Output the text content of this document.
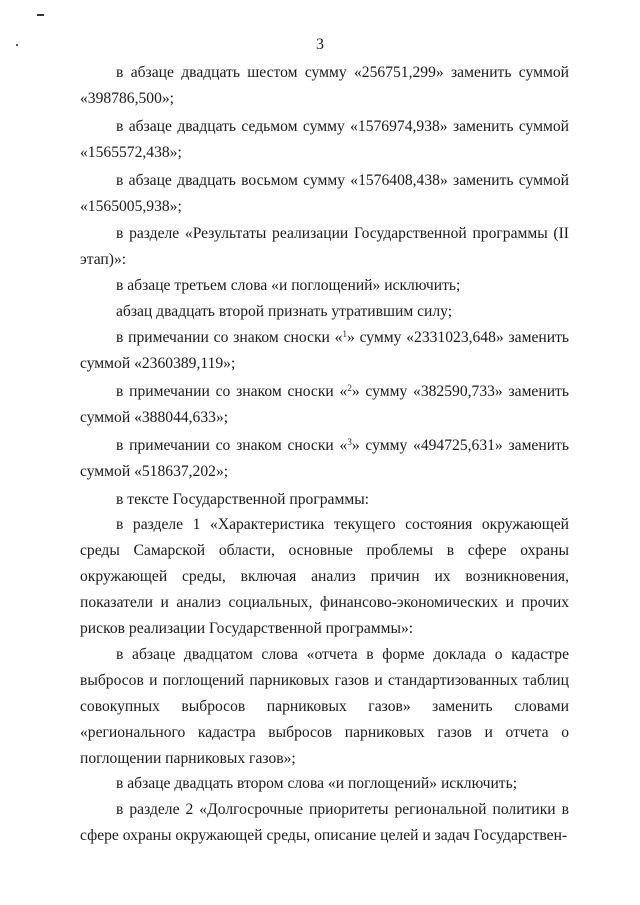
3

в абзаце двадцать шестом сумму «256751,299» заменить суммой «398786,500»;

в абзаце двадцать седьмом сумму «1576974,938» заменить суммой «1565572,438»;

в абзаце двадцать восьмом сумму «1576408,438» заменить суммой «1565005,938»;

в разделе «Результаты реализации Государственной программы (II этап)»:

в абзаце третьем слова «и поглощений» исключить;

абзац двадцать второй признать утратившим силу;

в примечании со знаком сноски «$^1$» сумму «2331023,648» заменить суммой «2360389,119»;

в примечании со знаком сноски «$^2$» сумму «382590,733» заменить суммой «388044,633»;

в примечании со знаком сноски «$^3$» сумму «494725,631» заменить суммой «518637,202»;

в тексте Государственной программы:

в разделе 1 «Характеристика текущего состояния окружающей среды Самарской области, основные проблемы в сфере охраны окружающей среды, включая анализ причин их возникновения, показатели и анализ социальных, финансово-экономических и прочих рисков реализации Государственной программы»:

в абзаце двадцатом слова «отчета в форме доклада о кадастре выбросов и поглощений парниковых газов и стандартизованных таблиц совокупных выбросов парниковых газов» заменить словами «регионального кадастра выбросов парниковых газов и отчета о поглощении парниковых газов»;

в абзаце двадцать втором слова «и поглощений» исключить;

в разделе 2 «Долгосрочные приоритеты региональной политики в сфере охраны окружающей среды, описание целей и задач Государствен-
